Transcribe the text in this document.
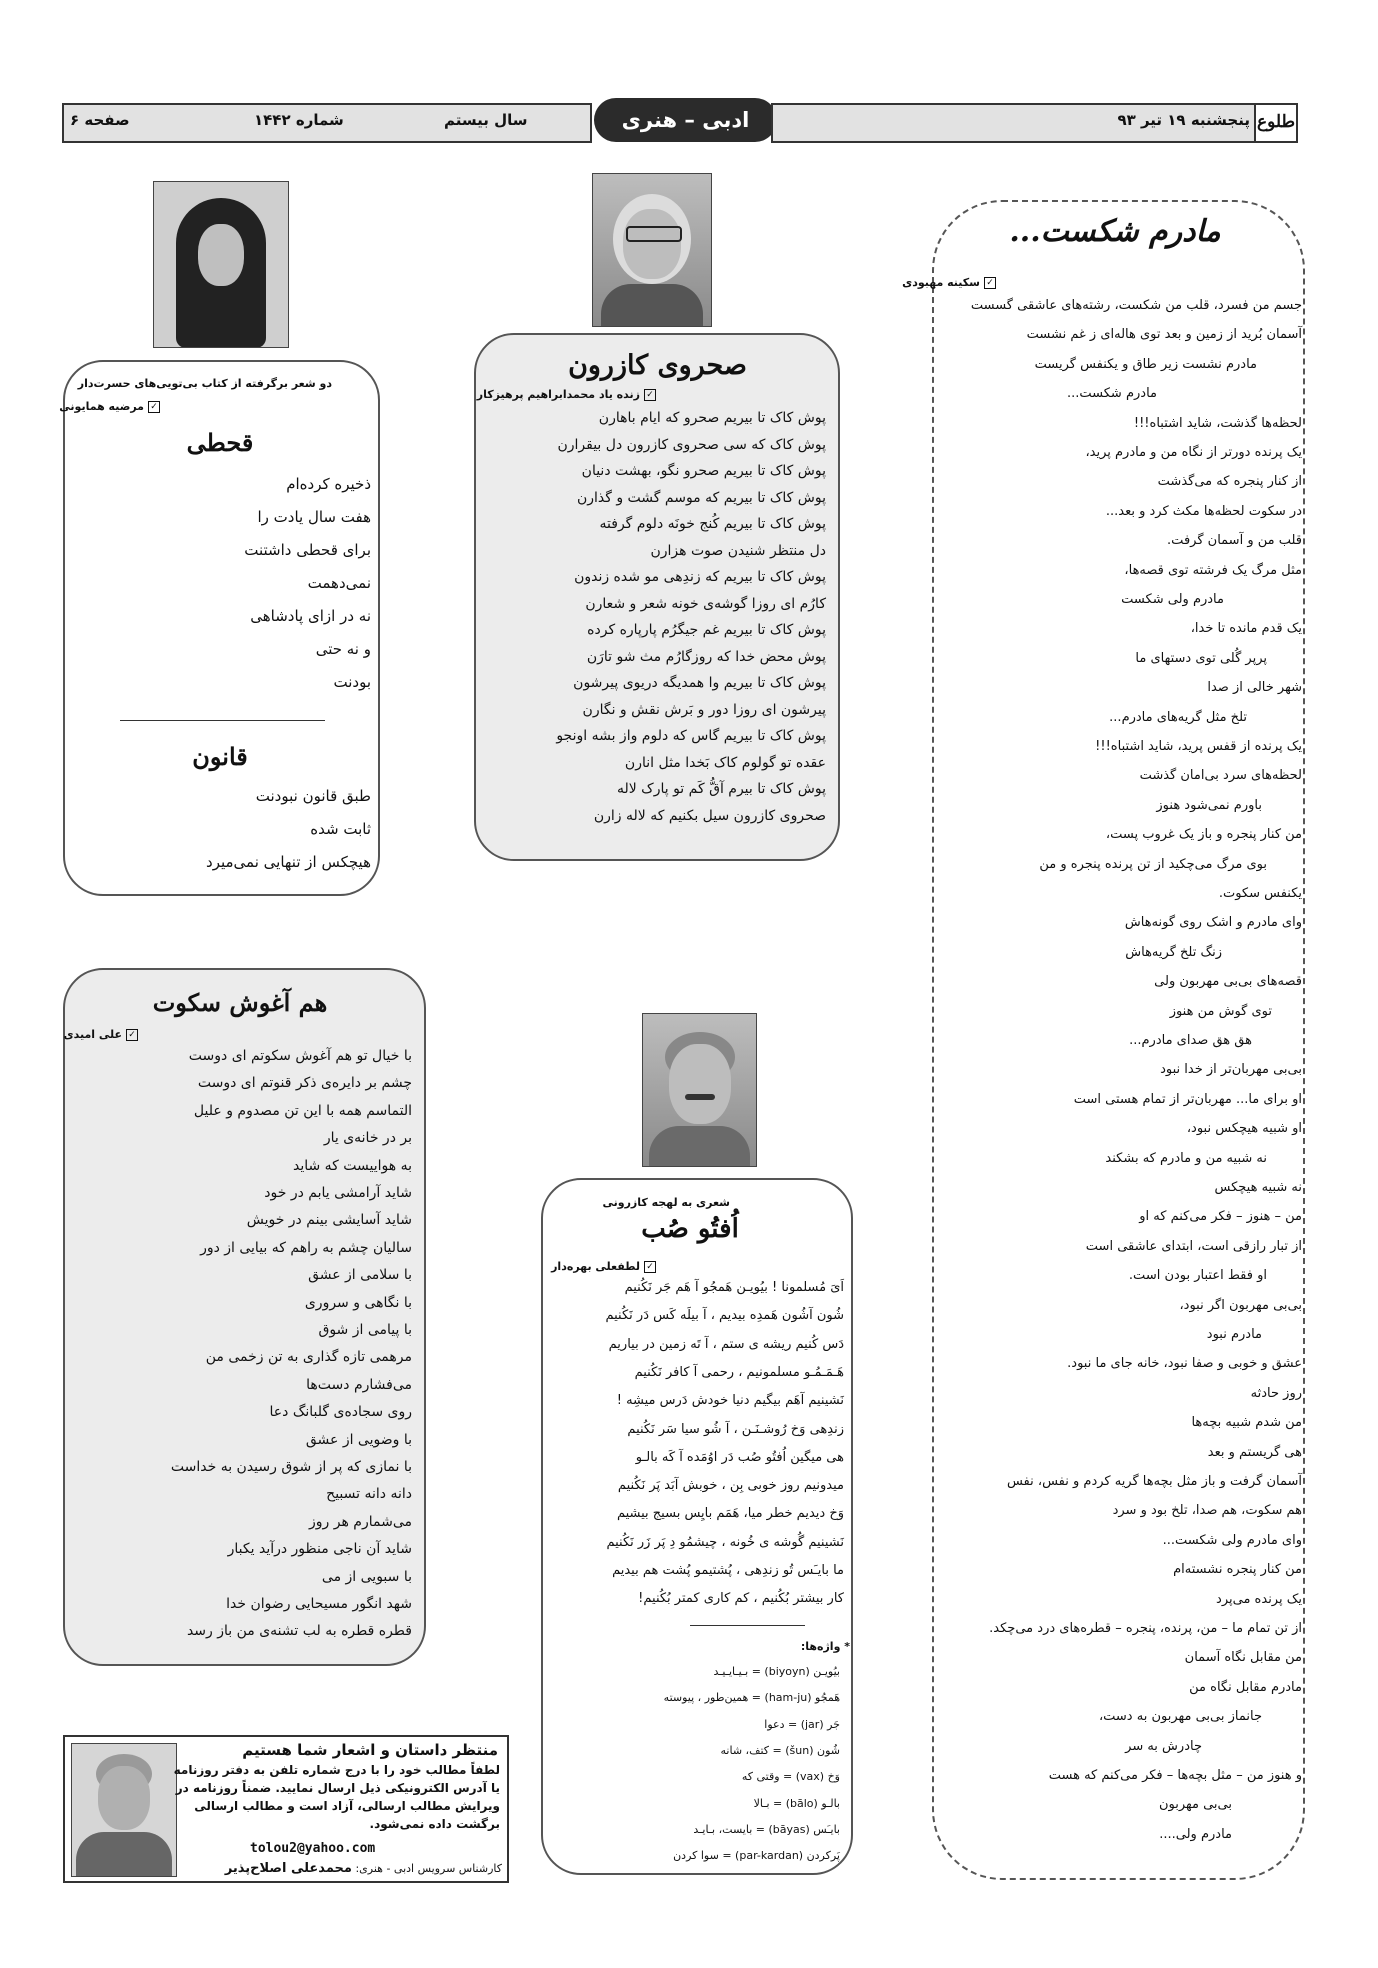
صفحه ۶	شماره ۱۴۴۲	سال بیستم	ادبی – هنری	پنجشنبه ۱۹ تیر ۹۳ طلوع
مادرم شکست...
✓سکینه مهبودی
جسم من فسرد، قلب من شکست، رشته‌های عاشقی گسست
آسمان بُرید از زمین و بعد توی هاله‌ای ز غم نشست
مادرم نشست زیر طاق و یکنفس گریست
مادرم شکست...
لحظه‌ها گذشت، شاید اشتباه!!!
یک پرنده دورتر از نگاه من و مادرم پرید،
از کنار پنجره که می‌گذشت
در سکوت لحظه‌ها مکث کرد و بعد...
قلب من و آسمان گرفت.
مثل مرگ یک فرشته توی قصه‌ها،
مادرم ولی شکست
یک قدم مانده تا خدا،
پرپر گُلی توی دستهای ما
شهر خالی از صدا
تلخ مثل گریه‌های مادرم...
یک پرنده از قفس پرید، شاید اشتباه!!!
لحظه‌های سرد بی‌امان گذشت
باورم نمی‌شود هنوز
من کنار پنجره و باز یک غروب پست،
بوی مرگ می‌چکید از تن پرنده پنجره و من
یکنفس سکوت.
وای مادرم و اشک روی گونه‌هاش
زنگ تلخ گریه‌هاش
قصه‌های بی‌بی مهربون ولی
توی گوش من هنوز
هق هق صدای مادرم...
بی‌بی مهربان‌تر از خدا نبود
او برای ما... مهربان‌تر از تمام هستی است
او شبیه هیچکس نبود،
نه شبیه من و مادرم که بشکند
نه شبیه هیچکس
من – هنوز – فکر می‌کنم که او
از تبار رازقی است، ابتدای عاشقی است
او فقط اعتبار بودن است.
بی‌بی مهربون اگر نبود،
مادرم نبود
عشق و خوبی و صفا نبود، خانه جای ما نبود.
روز حادثه
من شدم شبیه بچه‌ها
هی گریستم و بعد
آسمان گرفت و باز مثل بچه‌ها گریه کردم و نفس، نفس
هم سکوت، هم صدا، تلخ بود و سرد
وای مادرم ولی شکست...
من کنار پنجره نشسته‌ام
یک پرنده می‌پرد
از تن تمام ما – من، پرنده، پنجره – قطره‌های درد می‌چکد.
من مقابل نگاه آسمان
مادرم مقابل نگاه من
جانماز بی‌بی مهربون به دست،
چادرش به سر
و هنوز من – مثل بچه‌ها – فکر می‌کنم که هست
بی‌بی مهربون
مادرم ولی....
صحروی کازرون
✓زنده یاد محمدابراهیم پرهیزکار
پوش کاک تا بیریم صحرو که ایام باهارن
پوش کاک که سی صحروی کازرون دل بیقرارن
پوش کاک تا بیریم صحرو نگو، بهشت دنیان
پوش کاک تا بیریم که موسم گشت و گذارن
پوش کاک تا بیریم کُنج خونَه دلوم گرفته
دل منتظر شنیدن صوت هزارن
پوش کاک تا بیریم که زندِهی مو شده زندون
کارُم ای روزا گوشه‌ی خونه شعر و شعارن
پوش کاک تا بیریم غم جیگرُم پارپاره کرده
پوش محض خدا که روزگارُم مث شو تارَن
پوش کاک تا بیریم وا همدیگه دریوی پیرشون
پیرشون ای روزا دور و بَرش نقش و نگارن
پوش کاک تا بیریم گاس که دلوم واز بشه اونجو
عقده تو گولوم کاک بَخدا مثل انارن
پوش کاک تا بیرم آقُّ کَم تو پارک لاله
صحروی کازرون سیل بکنیم که لاله زارن
دو شعر برگرفته از کتاب بی‌تویی‌های حسرت‌دار
✓مرضیه همایونی
قحطی
ذخیره کرده‌ام
هفت سال یادت را
برای قحطی داشتنت
نمی‌دهمت
نه در ازای پادشاهی
و نه حتی
بودنت
قانون
طبق قانون نبودنت
ثابت شده
هیچکس از تنهایی نمی‌میرد
هم آغوش سکوت
✓علی امیدی
با خیال تو هم آغوش سکوتم ای دوست
چشم بر دایره‌ی ذکر قنوتم ای دوست
التماسم همه با این تن مصدوم و علیل
بر در خانه‌ی یار
به هواییست که شاید
شاید آرامشی یابم در خود
شاید آسایشی بینم در خویش
سالیان چشم به راهم که بیایی از دور
با سلامی از عشق
با نگاهی و سروری
با پیامی از شوق
مرهمی تازه گذاری به تن زخمی من
می‌فشارم دست‌ها
روی سجاده‌ی گلبانگ دعا
با وضویی از عشق
با نمازی که پر از شوق رسیدن به خداست
دانه دانه تسبیح
می‌شمارم هر روز
شاید آن ناجی منظور درآید یکبار
با سبویی از می
شهد انگور مسیحایی رضوان خدا
قطره قطره به لب تشنه‌ی من باز رسد
شعری به لهجه کازرونی
اُفتُو صُب
✓لطفعلی بهره‌دار
اَیَ مُسلمونا ! بیُویـن هَمجُو آ هَم جَر نَکُنیم
شُون آشُون هَمدِه بیدیم ، آ بیلَه کَس دَر نَکُنیم
دَس کُنیم ریشه ی ستم ، آ تَه زمین در بیاریم
هَـمَـمُـو مسلمونیم ، رحمی آ کافر نَکُنیم
نَشینیم آهَم بیگیم دنیا خودش دَرس میشِه !
زندِهی وَخ رُوشـنَـن ، آ شُو سیا سَر نَکُنیم
هی میگین اُفتُو صُب دَر اوُمَده آ کَه بالـو
میدونیم روز خوبی بِن ، خوبش آبَد پَر نَکُنیم
وَخ دیدیم خطر میا، هَمَم بایِس بسیج بیشیم
نَشینیم گُوشه ی خُونه ، چیشمُو دِ پَر زَر نَکُنیم
ما بایـَس تُو زندِهی ، پُشتیمو پُشت هم بیدیم
کار بیشتر بُکُنیم ، کم کاری کمتر بُکُنیم!
* واژه‌ها:
بیُویـن (biyoyn) = بـیـایـیـد
هَمجُو (ham-ju) = همین‌طور ، پیوسته
جَر (jar) = دعوا
شُون (šun) = کتف، شانه
وَخ (vax) = وقتی که
بالـو (bālo) = بـالا
بایـَس (bāyas) = بایست، بـایـد
پَرکردن (par-kardan) = سوا کردن
منتظر داستان و اشعار شما هستیم
لطفاً مطالب خود را با درج شماره تلفن به دفتر روزنامه
یا آدرس الکترونیکی ذیل ارسال نمایید. ضمناً روزنامه در
ویرایش مطالب ارسالی، آزاد است و مطالب ارسالی
برگشت داده نمی‌شود.
tolou2@yahoo.com
کارشناس سرویس ادبی - هنری: محمدعلی اصلاح‌پذیر
